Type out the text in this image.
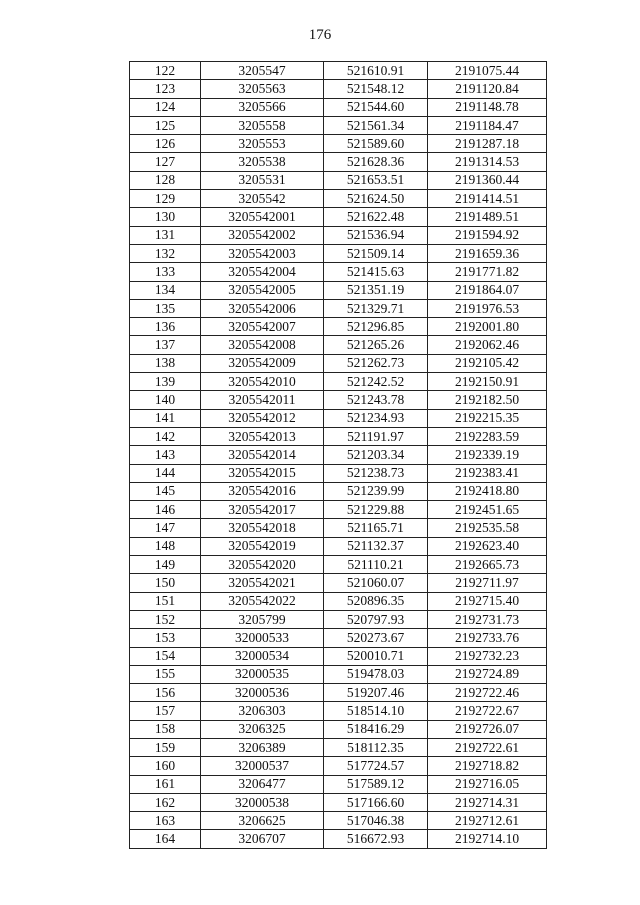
176
122	3205547	521610.91	2191075.44
123	3205563	521548.12	2191120.84
124	3205566	521544.60	2191148.78
125	3205558	521561.34	2191184.47
126	3205553	521589.60	2191287.18
127	3205538	521628.36	2191314.53
128	3205531	521653.51	2191360.44
129	3205542	521624.50	2191414.51
130	3205542001	521622.48	2191489.51
131	3205542002	521536.94	2191594.92
132	3205542003	521509.14	2191659.36
133	3205542004	521415.63	2191771.82
134	3205542005	521351.19	2191864.07
135	3205542006	521329.71	2191976.53
136	3205542007	521296.85	2192001.80
137	3205542008	521265.26	2192062.46
138	3205542009	521262.73	2192105.42
139	3205542010	521242.52	2192150.91
140	3205542011	521243.78	2192182.50
141	3205542012	521234.93	2192215.35
142	3205542013	521191.97	2192283.59
143	3205542014	521203.34	2192339.19
144	3205542015	521238.73	2192383.41
145	3205542016	521239.99	2192418.80
146	3205542017	521229.88	2192451.65
147	3205542018	521165.71	2192535.58
148	3205542019	521132.37	2192623.40
149	3205542020	521110.21	2192665.73
150	3205542021	521060.07	2192711.97
151	3205542022	520896.35	2192715.40
152	3205799	520797.93	2192731.73
153	32000533	520273.67	2192733.76
154	32000534	520010.71	2192732.23
155	32000535	519478.03	2192724.89
156	32000536	519207.46	2192722.46
157	3206303	518514.10	2192722.67
158	3206325	518416.29	2192726.07
159	3206389	518112.35	2192722.61
160	32000537	517724.57	2192718.82
161	3206477	517589.12	2192716.05
162	32000538	517166.60	2192714.31
163	3206625	517046.38	2192712.61
164	3206707	516672.93	2192714.10
